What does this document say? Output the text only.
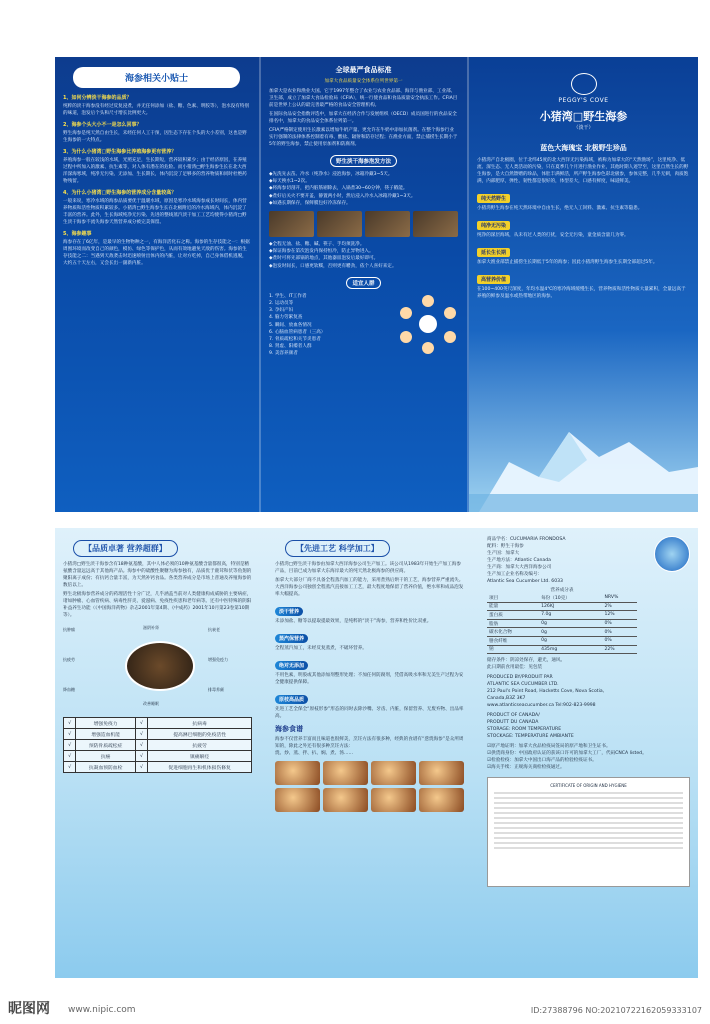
海参相关小贴士
1、如何分辨淡干海参的品质？
纯粹的淡干海参没有经过反复浸煮，并无任何添加（盐、糖、色素、明胶等），泡水没有特别的味道，泡发后个头和尺寸增长比例更大。
2、海参个头大小不一是怎么回事？
野生海参是纯天然自由生长，未经任何人工干预，因生态下存在个头的大小差别，这也是野生海参的一大特点。
3、为什么小猪湾□野生海参比养殖海参更有营养？
养殖海参一般在较浅的水域，光照充足，生长期短，营养较积累少；由于经济原因，在养殖过程中所加入的激素、抗生素等，对人体有潜在的危险。而小猪湾□野生海参生长在北大西洋深海寒域，纯净无污染、无添加、生长期长，体内沉淀了足够多的营养物质和同时杜绝药物残留。
4、为什么小猪湾□野生海参的营养成分含量较高？
一般来说，寒冷水域的海参品质要优于温暖水域，原因是寒冷水域海参成长时间长，体内营养物质和活性物质积累较多。小猪湾□野生海参生长在北极附近的冷水海域内，体内沉淀了丰富的营养。此外，生长海域纯净无污染、先进的整线蒸汽淡干加工工艺均使得小猪湾□野生淡干海参不流失海参天然营养成分被完美保留。
5、海参趣事
海参存在了6亿年，是最早的生物物种之一，有海洋活化石之称。海参的生存技能之一：根据周围环境而改变自己的颜色，模仿、绿色等保护色，从而有效地避免天敌的伤害。海参的生存技能之二：当遇到天敌袭击时迅速喷射出体内的内脏，让对方吃掉，自己身体借机逃脱，大约五十天左右，又会长出一副新内脏。
全球最严食品标准
加拿大食品质量安全体系位列世界第一
加拿大是农业和渔业大国。它于1997年整合了农业与农业食品部、海洋与渔业部、工业部、卫生部，成立了加拿大食品检验局（CFIA），统一行使食品和食品质量安全执法工作。CFIA目前是世界上公认的最完善最严格的食品安全管理机构。
在国际食品安全指数评选中，加拿大在经济合作与发展组织（OECD）成员国进行的食品安全排名中，加拿大的食品安全体系位列第一。
CFIA严格制定使用生长激素以增加牛奶产量、更允许在牛奶中添加抗菌剂。在整个海参行业实行强制的法律体系控制着有毒、酸盐、辐射和防存过程；在渔业方面，禁止捕捞生长期小于5年的野生海参，禁止使用泵加剂和防腐剂。
野生淡干海参泡发方法
◆先洗先去苗。冷水（纯净水）浸泡海参，冰箱冷藏3~5天。
◆每天换水1~2次。
◆将海参切剖开，把内脏筋剔除去，入锅煮30~60分钟，筷子戳能。
◆煮好后关火不要开盖，静置两小时，然后浸入冷水入冰箱冷藏1~3天。
◆如遇长期保存，保鲜膜包好冷冻保存。
◆全程无油、盐、糖、碱、筷子、手均须洗净。
◆保证海参在第次泡发内保持恒冷，防止异物进入。
◆煮时可将先部锅的地点，其他器皿泡发后最好即可。
◆泡发时间长，口感更软糯，否则更有嚼劲，依个人喜好来定。
适宜人群
1. 学生、IT工作者
2. 运动员等
3. 孕妇产妇
4. 脑力劳累复查
5. 瞬间、放血各情况
6. 心脑血管病患者（三高）
7. 骨质疏松和关节炎患者
8. 肾虚、阳痿者人群
9. 美容养颜者
PEGGY'S COVE
小猪湾□野生海参
（淡干）
蓝色大海瑰宝 北极野生珍品
小猪湾产自北极圈，位于北纬45度的北大西洋无污染海域，被称为加拿大的“天然渔场”，这里纯净、低流、深生态、无人类活动的污染，只在夏季几个月进行渔业作业，其他时期人迹罕至，这里自然生长的野生海参，是大自然馈赠的珍品，体肚丰满鲜活，所产野生海参色彩北极参，参体完整，几乎无刺，肉质饱满，内部肥厚，弹性、韧性都是很好的，体型差大，口感有鲜度，味道鲜美。
纯天然野生
小猪湾野生海参在纯天然环境中自由生长，绝无人工饲料、激素、抗生素等隐患。
纯净无污染
纯净的深层海域，从未有过人类的打扰，安全无污染，童金质含量几为零。
延长生长期
加拿大渔业部禁止捕捞生长期低于5年的海参；因此小猪湾野生海参生长期全部超过5年。
高营养价值
在100~400英尺深度，年均水温4℃的寒冷海域缓慢生长，营养物质和活性物质大量累积，全量远高于养殖的鲜参及温水或热带地区的海参。
【品质卓著 营养超群】
小猪湾□野生淡干海参含有18种氨基酸，其中人体必须的10种氨基酸含量都很高，特别是精氨酸含量远远高于其他海产品。海参中的硫酸性聚糖为海参独有，品质优于鹿茸和伏等鱼翅的聚阳离子成份；有抗钙合量丰富，为天然补钙食品。各类营养成分是市场上普通及养殖海参的数倍以上。
野生北极海参营养成分的药理活性十分广泛，几乎涵盖当前对人类健康构成威胁的主要病症，诸如肿瘤、心血管疾病、病毒性肝炎、爱滋病、免疫性疾患和老年病等。还有中医特殊的阴阳补益养生功能（《中国海洋药物》杂志2001年第4期、《中成药》2001年10月第23卷第10期等）。
抗肿瘤
抗疲劳
降血糖
滋阴补肾	抗衰老
增强免疫力
排毒养颜
改善睡眠
√	增强免疫力	√	抗病毒
√	增强造血机能	√	提高淋巴细胞的免疫活性
√	预防骨质疏松症	√	抗疲劳
√	抗癌	√	镇痛解痉
√	抗凝血预防血栓	√	促进细胞再生和机体损伤修复
【先进工艺 科学加工】
小猪湾□野生淡干海参由加拿大西洋海参公司生产加工。该公司从1983年开始生产加工海参产品，目前已成为加拿大东海岸最大的纯天然北极海参的供应商。
加拿大大部分厂商不具备全程蒸汽加工的能力，采用煮熟后烘干的工艺，海参营养严重流失。大西洋海参公司独创全程蒸汽直接加工工艺，最大程度地保留了营养价值，绝水率和成品泡发率大幅提高。
淡干营养
未添加盐、糖等以提取提最效果，是纯粹的“淡干”海参，营养和性价比双重。
蒸汽保营养
全程蒸汽加工，未经反复蒸煮，不破坏营养。
绝对无添加
不用色素，明胶或其他添加剂整形处理；不加任何防腐剂，凭借高吸水率和无美生产过程为安全健康提供保障。
原枝高品质
先进工艺全保全“原枝形参”形态的同时去除沙嘴、牙齿、内脏，保留营养、无废弃物、出品率高。
海参食谱
海参不仅营养丰富而且味道也很鲜美，烹饪方法有很多种，经典的食谱有“葱烧海参”是众所周知的，除此之外还有很多种烹饪方法：
烧、炒、蒸、拌、扒、焖、煮、汤……
商品学名：CUCUMARIA FRONDOSA
配料：野生干海参
生产国：加拿大
生产地方法：Atlantic Canada
生产商：加拿大大西洋海参公司
生产加工企业名称及编号：
Atlantic Sea Cucumber Ltd. 6033
营养成分表
项目	每份（10克）	NRV%
能量	126KJ	2%
蛋白质	7.0g	12%
脂肪	0g	0%
碳水化合物	0g	0%
膳食纤维	0g	0%
钠	435mg	22%
储存条件：阴凉处保存，避光，通风。
此日期前食用最佳：见包装
PRODUCED BY/PRODUIT PAR
ATLANTIC SEA CUCUMBER LTD.
212 Paul's Point Road, Hacketts Cove, Nova Scotia,
Canada,B3Z 3K7
www.atlanticseacucumber.ca Tel:902-823-9998
PRODUCT OF CANADA/
PRODUTT DU CANADA
STORAGE: ROOM TEMPERATURE
STOCKAGE: TEMPERATURE AMBIANTE
☑原产地证明：加拿大食品检疫局签局的原产地和卫生证书。
☑供货商身份：中国政府认证的获该口许可的加拿大工厂，代码CNCA listed。
☑检验检疫：加拿大中国出口海产品的检验检疫证书。
☑海关手续：正规海关商检检疫通过。
CERTIFICATE OF ORIGIN AND HYGIENE
昵图网 www.nipic.com	ID:27388796 NO:20210722162059333107
